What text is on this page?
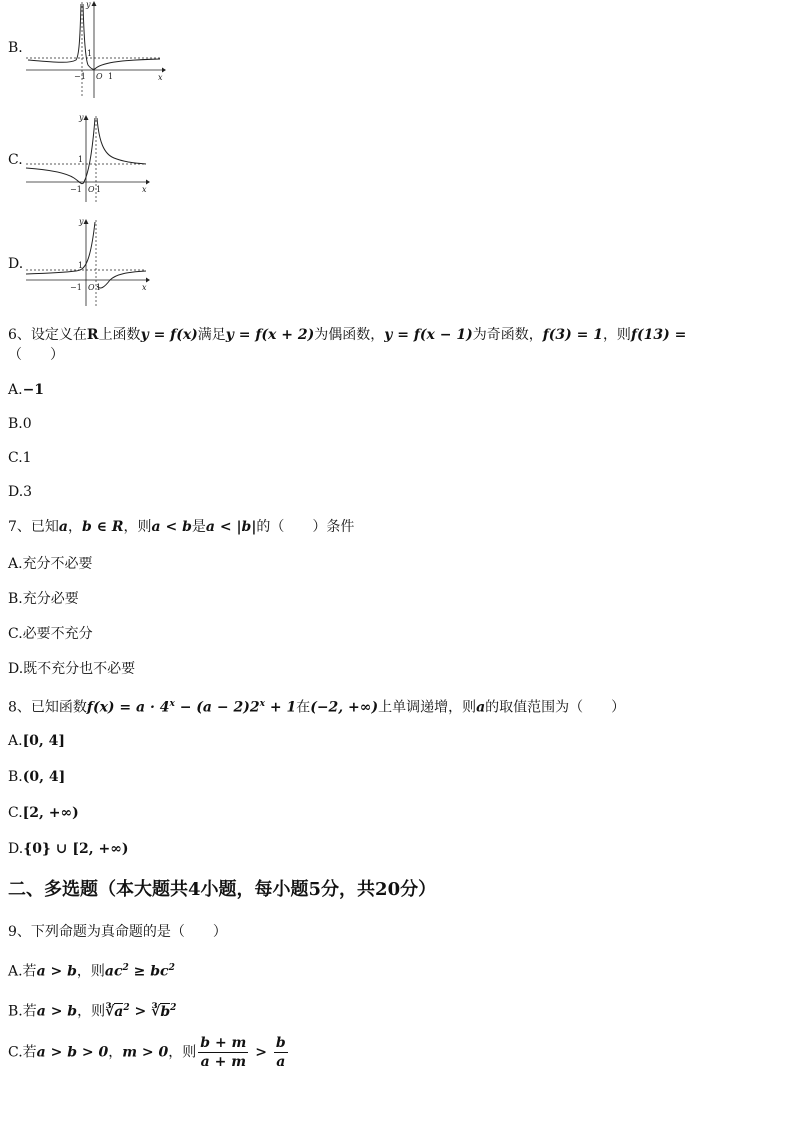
B.
y
x
O 1
−1
1
C.
y
x
O 1
−1
1
D.
y
x
O 1
−1
1
6、设定义在R上函数y = f(x)满足y = f(x + 2)为偶函数，y = f(x − 1)为奇函数，f(3) = 1，则f(13) =
（　　）
A.−1
B.0
C.1
D.3
7、已知a，b ∈ R，则a < b是a < |b|的（　　）条件
A.充分不必要
B.充分必要
C.必要不充分
D.既不充分也不必要
8、已知函数$f(x) = a \cdot 4^x - (a - 2)2^x + 1$在(−2, +∞)上单调递增，则a的取值范围为（　　）
A.[0, 4]
B.(0, 4]
C.[2, +∞)
D.{0} ∪ [2, +∞)
二、多选题（本大题共4小题，每小题5分，共20分）
9、下列命题为真命题的是（　　）
A.若a > b，则$ac^2 \ge bc^2$
B.若a > b，则$∛a^2$ > $∛b^2$
C.若a > b > 0，m > 0，则 $\frac{b + m}{a + m} > \frac{b}{a}$
